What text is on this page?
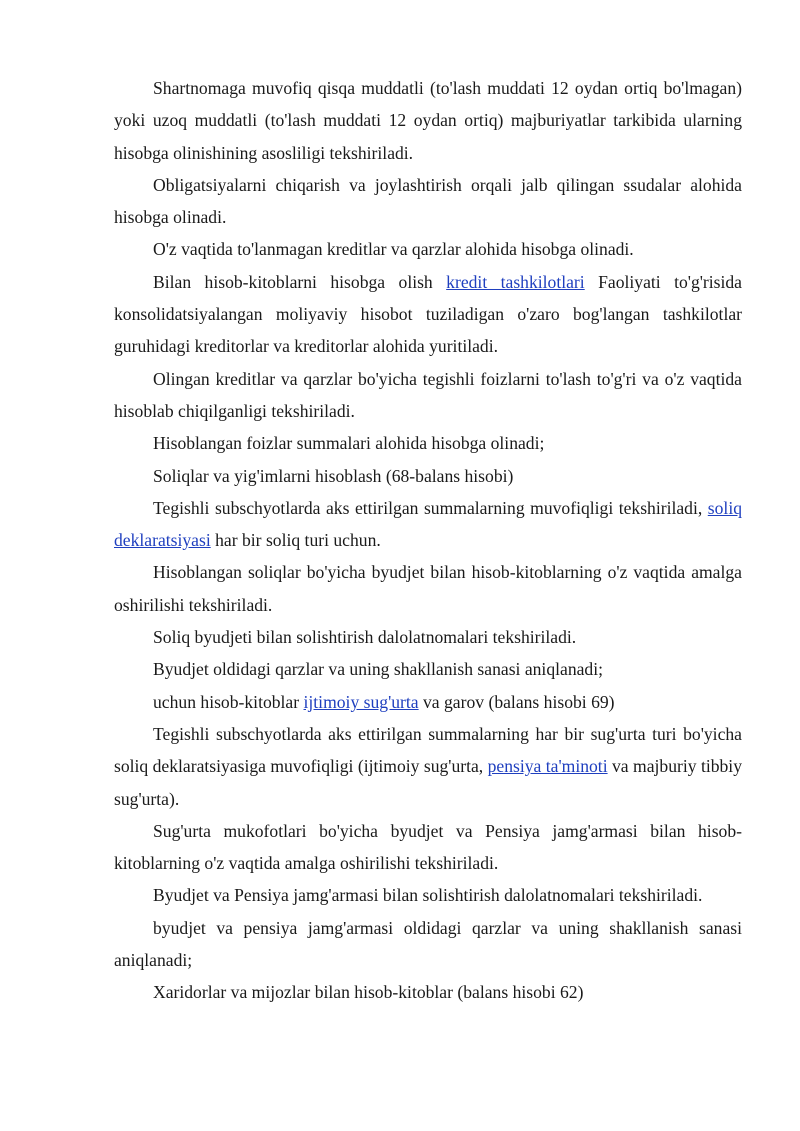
Shartnomaga muvofiq qisqa muddatli (to'lash muddati 12 oydan ortiq bo'lmagan) yoki uzoq muddatli (to'lash muddati 12 oydan ortiq) majburiyatlar tarkibida ularning hisobga olinishining asosliligi tekshiriladi.

Obligatsiyalarni chiqarish va joylashtirish orqali jalb qilingan ssudalar alohida hisobga olinadi.

O'z vaqtida to'lanmagan kreditlar va qarzlar alohida hisobga olinadi.

Bilan hisob-kitoblarni hisobga olish kredit tashkilotlari Faoliyati to'g'risida konsolidatsiyalangan moliyaviy hisobot tuziladigan o'zaro bog'langan tashkilotlar guruhidagi kreditorlar va kreditorlar alohida yuritiladi.

Olingan kreditlar va qarzlar bo'yicha tegishli foizlarni to'lash to'g'ri va o'z vaqtida hisoblab chiqilganligi tekshiriladi.

Hisoblangan foizlar summalari alohida hisobga olinadi;

Soliqlar va yig'imlarni hisoblash (68-balans hisobi)

Tegishli subschyotlarda aks ettirilgan summalarning muvofiqligi tekshiriladi, soliq deklaratsiyasi har bir soliq turi uchun.

Hisoblangan soliqlar bo'yicha byudjet bilan hisob-kitoblarning o'z vaqtida amalga oshirilishi tekshiriladi.

Soliq byudjeti bilan solishtirish dalolatnomalari tekshiriladi.

Byudjet oldidagi qarzlar va uning shakllanish sanasi aniqlanadi;

uchun hisob-kitoblar ijtimoiy sug'urta va garov (balans hisobi 69)

Tegishli subschyotlarda aks ettirilgan summalarning har bir sug'urta turi bo'yicha soliq deklaratsiyasiga muvofiqligi (ijtimoiy sug'urta, pensiya ta'minoti va majburiy tibbiy sug'urta).

Sug'urta mukofotlari bo'yicha byudjet va Pensiya jamg'armasi bilan hisob-kitoblarning o'z vaqtida amalga oshirilishi tekshiriladi.

Byudjet va Pensiya jamg'armasi bilan solishtirish dalolatnomalari tekshiriladi.

byudjet va pensiya jamg'armasi oldidagi qarzlar va uning shakllanish sanasi aniqlanadi;

Xaridorlar va mijozlar bilan hisob-kitoblar (balans hisobi 62)
